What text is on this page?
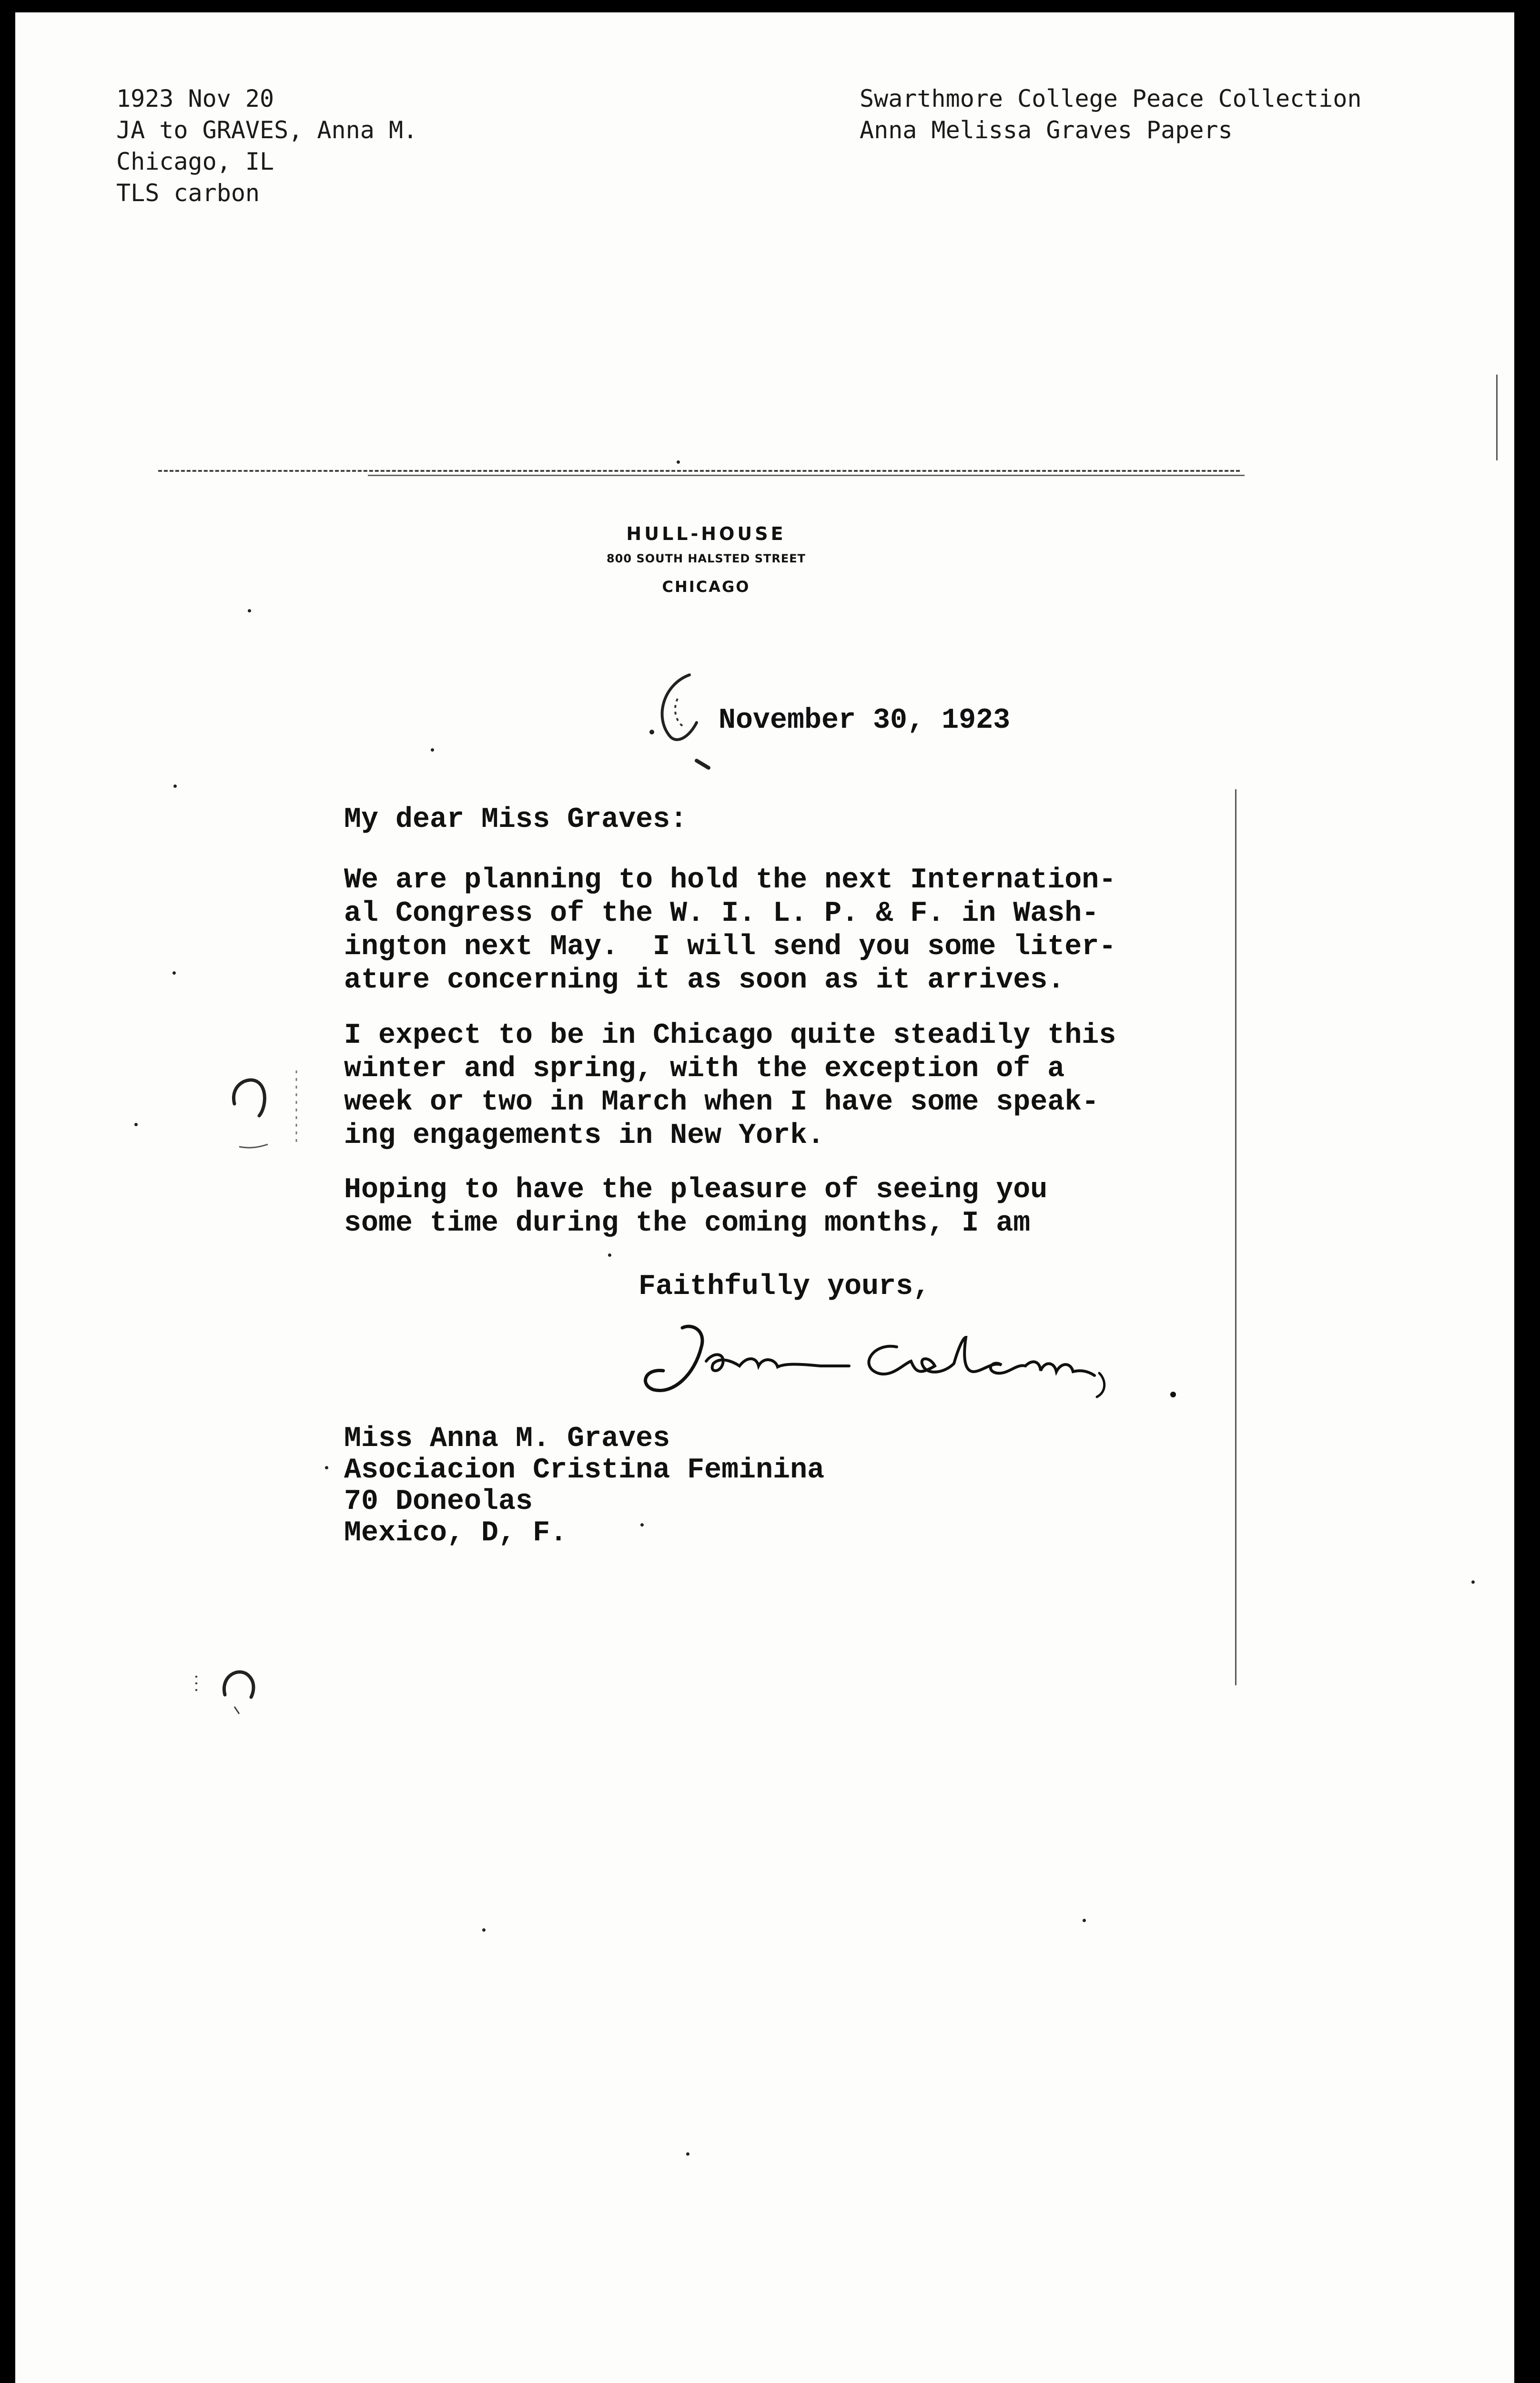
1923 Nov 20
JA to GRAVES, Anna M.
Chicago, IL
TLS carbon
Swarthmore College Peace Collection
Anna Melissa Graves Papers
HULL-HOUSE
800 SOUTH HALSTED STREET
CHICAGO
November 30, 1923
My dear Miss Graves:
We are planning to hold the next Internation-
al Congress of the W. I. L. P. & F. in Wash-
ington next May.  I will send you some liter-
ature concerning it as soon as it arrives.
I expect to be in Chicago quite steadily this
winter and spring, with the exception of a
week or two in March when I have some speak-
ing engagements in New York.
Hoping to have the pleasure of seeing you
some time during the coming months, I am
Faithfully yours,
Miss Anna M. Graves
Asociacion Cristina Feminina
70 Doneolas
Mexico, D, F.
